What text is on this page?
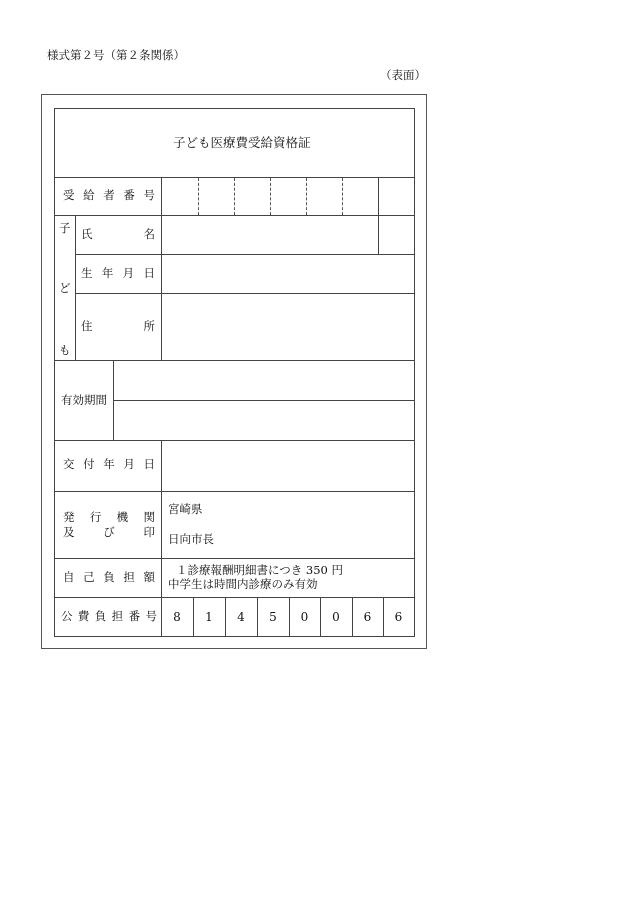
様式第２号（第２条関係）
（表面）
子ども医療費受給資格証
受 給 者 番 号
子
ど
も
氏	名
生 年 月 日
住	所
有効期間
交 付 年 月 日
発 行 機 関
及	び	印
宮崎県
日向市長
自 己 負 担 額 １診療報酬明細書につき 350 円
中学生は時間内診療のみ有効
公 費 負 担 番 号	8	1	4	5	0	0	6	6
